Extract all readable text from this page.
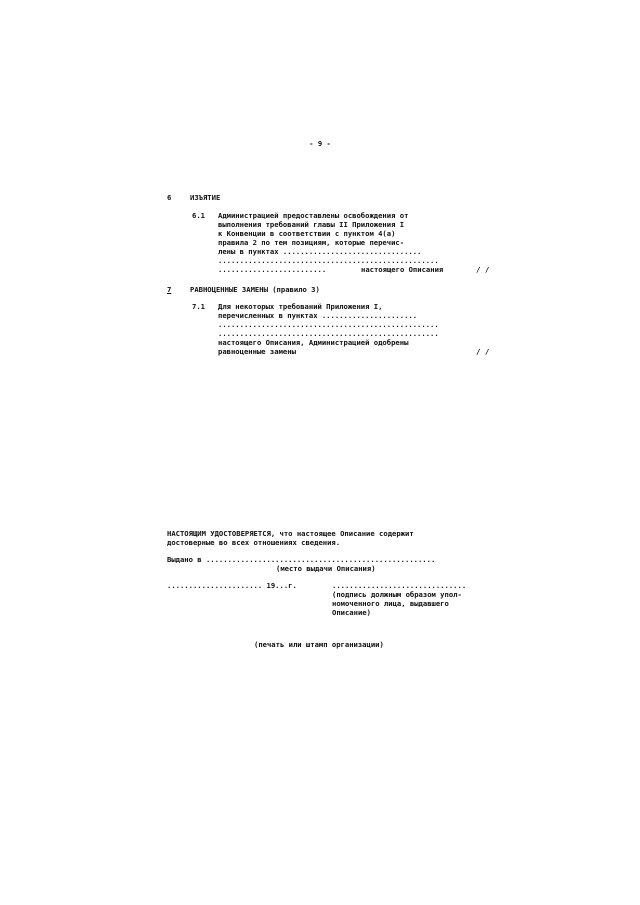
- 9 -
6	ИЗЪЯТИЕ
6.1 Администрацией предоставлены освобождения от
выполнения требований главы II Приложения I
к Конвенции в соответствии с пунктом 4(а)
правила 2 по тем позициям, которые перечис-
лены в пунктах ................................
...................................................
.........................	настоящего Описания	/ /
7	РАВНОЦЕННЫЕ ЗАМЕНЫ (правило 3)
7.1 Для некоторых требований Приложения I,
перечисленных в пунктах ......................
...................................................
...................................................
настоящего Описания, Администрацией одобрены
равноценные замены	/ /
НАСТОЯЩИМ УДОСТОВЕРЯЕТСЯ, что настоящее Описание содержит
достоверные во всех отношениях сведения.
Выдано в .....................................................
(место выдачи Описания)
...................... 19...г.	...............................
(подпись должным образом упол-
номоченного лица, выдавшего
Описание)
(печать или штамп организации)
